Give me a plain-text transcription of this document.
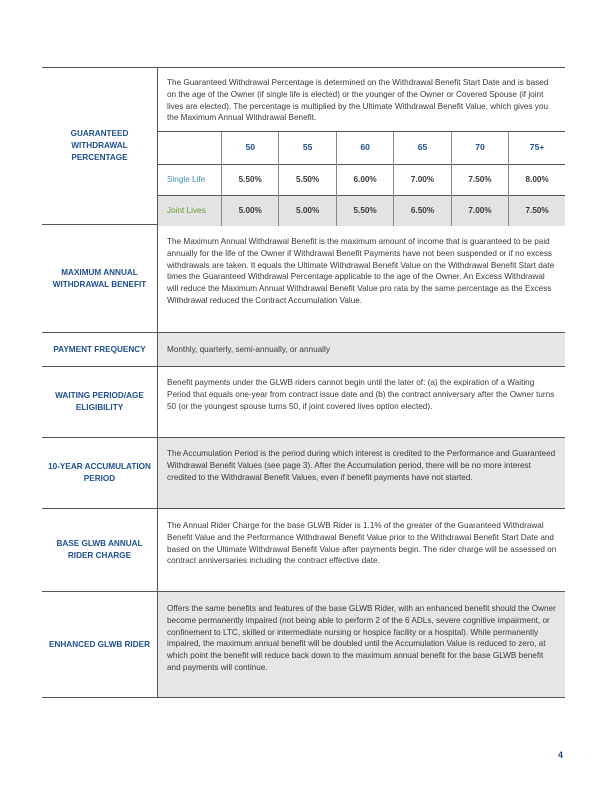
GUARANTEED WITHDRAWAL PERCENTAGE
The Guaranteed Withdrawal Percentage is determined on the Withdrawal Benefit Start Date and is based on the age of the Owner (if single life is elected) or the younger of the Owner or Covered Spouse (if joint lives are elected). The percentage is multiplied by the Ultimate Withdrawal Benefit Value, which gives you the Maximum Annual Withdrawal Benefit.
	50	55	60	65	70	75+
Single Life	5.50%	5.50%	6.00%	7.00%	7.50%	8.00%
Joint Lives	5.00%	5.00%	5.50%	6.50%	7.00%	7.50%
MAXIMUM ANNUAL WITHDRAWAL BENEFIT
The Maximum Annual Withdrawal Benefit is the maximum amount of income that is guaranteed to be paid annually for the life of the Owner if Withdrawal Benefit Payments have not been suspended or if no excess withdrawals are taken. It equals the Ultimate Withdrawal Benefit Value on the Withdrawal Benefit Start date times the Guaranteed Withdrawal Percentage applicable to the age of the Owner. An Excess Withdrawal will reduce the Maximum Annual Withdrawal Benefit Value pro rata by the same percentage as the Excess Withdrawal reduced the Contract Accumulation Value.
PAYMENT FREQUENCY	Monthly, quarterly, semi-annually, or annually
WAITING PERIOD/AGE ELIGIBILITY
Benefit payments under the GLWB riders cannot begin until the later of: (a) the expiration of a Waiting Period that equals one-year from contract issue date and (b) the contract anniversary after the Owner turns 50 (or the youngest spouse turns 50, if joint covered lives option elected).
10-YEAR ACCUMULATION PERIOD
The Accumulation Period is the period during which interest is credited to the Performance and Guaranteed Withdrawal Benefit Values (see page 3). After the Accumulation period, there will be no more interest credited to the Withdrawal Benefit Values, even if benefit payments have not started.
BASE GLWB ANNUAL RIDER CHARGE
The Annual Rider Charge for the base GLWB Rider is 1.1% of the greater of the Guaranteed Withdrawal Benefit Value and the Performance Withdrawal Benefit Value prior to the Withdrawal Benefit Start Date and based on the Ultimate Withdrawal Benefit Value after payments begin. The rider charge will be assessed on contract anniversaries including the contract effective date.
ENHANCED GLWB RIDER
Offers the same benefits and features of the base GLWB Rider, with an enhanced benefit should the Owner become permanently impaired (not being able to perform 2 of the 6 ADLs, severe cognitive impairment, or confinement to LTC, skilled or intermediate nursing or hospice facility or a hospital). While permanently impaired, the maximum annual benefit will be doubled until the Accumulation Value is reduced to zero, at which point the benefit will reduce back down to the maximum annual benefit for the base GLWB benefit and payments will continue.
4
